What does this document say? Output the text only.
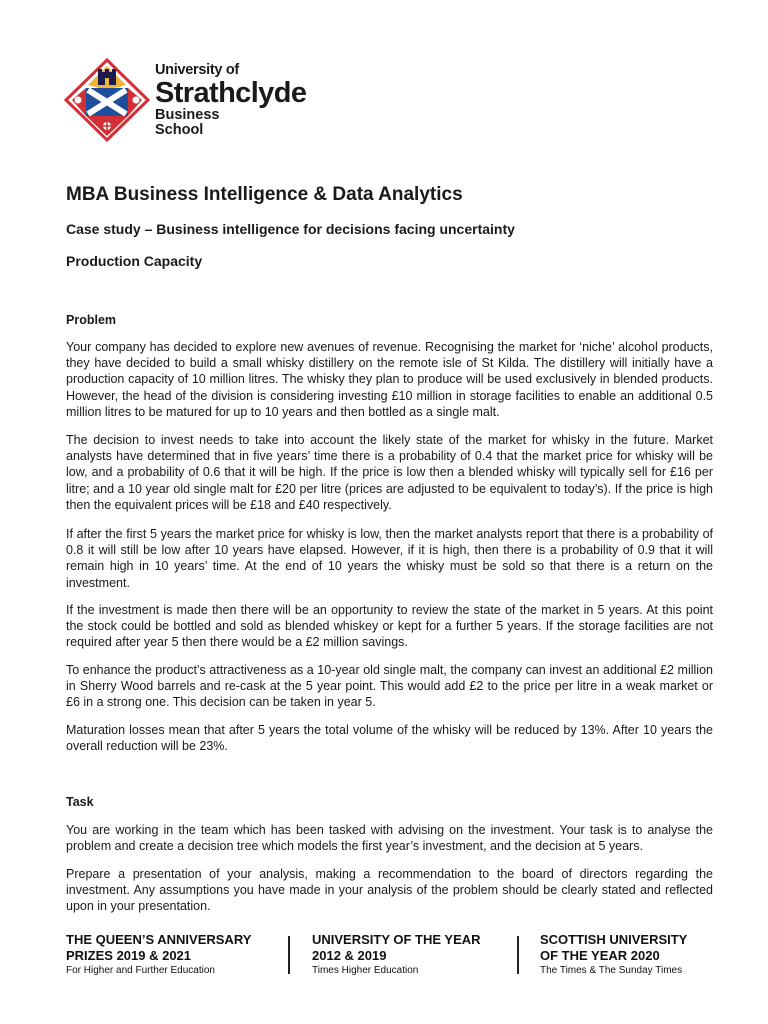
University of
Strathclyde
Business
School
MBA Business Intelligence & Data Analytics
Case study – Business intelligence for decisions facing uncertainty
Production Capacity
Problem

Your company has decided to explore new avenues of revenue. Recognising the market for ‘niche’ alcohol products, they have decided to build a small whisky distillery on the remote isle of St Kilda. The distillery will initially have a production capacity of 10 million litres. The whisky they plan to produce will be used exclusively in blended products. However, the head of the division is considering investing £10 million in storage facilities to enable an additional 0.5 million litres to be matured for up to 10 years and then bottled as a single malt.

The decision to invest needs to take into account the likely state of the market for whisky in the future. Market analysts have determined that in five years’ time there is a probability of 0.4 that the market price for whisky will be low, and a probability of 0.6 that it will be high. If the price is low then a blended whisky will typically sell for £16 per litre; and a 10 year old single malt for £20 per litre (prices are adjusted to be equivalent to today’s). If the price is high then the equivalent prices will be £18 and £40 respectively.

If after the first 5 years the market price for whisky is low, then the market analysts report that there is a probability of 0.8 it will still be low after 10 years have elapsed. However, if it is high, then there is a probability of 0.9 that it will remain high in 10 years’ time. At the end of 10 years the whisky must be sold so that there is a return on the investment.

If the investment is made then there will be an opportunity to review the state of the market in 5 years. At this point the stock could be bottled and sold as blended whiskey or kept for a further 5 years. If the storage facilities are not required after year 5 then there would be a £2 million savings.

To enhance the product’s attractiveness as a 10-year old single malt, the company can invest an additional £2 million in Sherry Wood barrels and re-cask at the 5 year point. This would add £2 to the price per litre in a weak market or £6 in a strong one. This decision can be taken in year 5.

Maturation losses mean that after 5 years the total volume of the whisky will be reduced by 13%. After 10 years the overall reduction will be 23%.

Task

You are working in the team which has been tasked with advising on the investment. Your task is to analyse the problem and create a decision tree which models the first year’s investment, and the decision at 5 years.

Prepare a presentation of your analysis, making a recommendation to the board of directors regarding the investment. Any assumptions you have made in your analysis of the problem should be clearly stated and reflected upon in your presentation.

THE QUEEN’S ANNIVERSARY
PRIZES 2019 & 2021
For Higher and Further Education
UNIVERSITY OF THE YEAR
2012 & 2019
Times Higher Education
SCOTTISH UNIVERSITY
OF THE YEAR 2020
The Times & The Sunday Times
